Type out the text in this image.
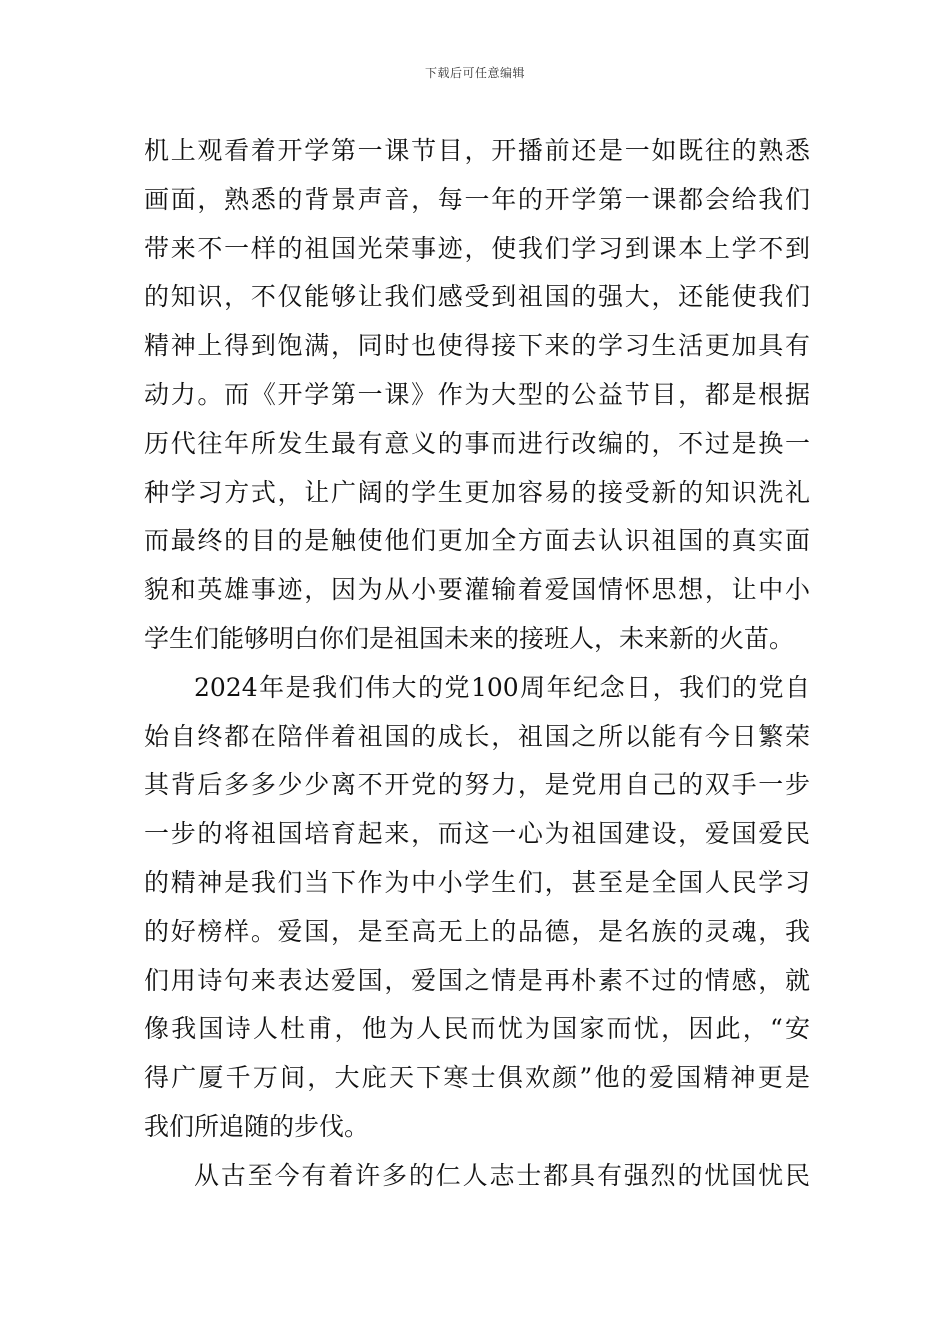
下载后可任意编辑
机上观看着开学第一课节目，开播前还是一如既往的熟悉
画面，熟悉的背景声音，每一年的开学第一课都会给我们
带来不一样的祖国光荣事迹，使我们学习到课本上学不到
的知识，不仅能够让我们感受到祖国的强大，还能使我们
精神上得到饱满，同时也使得接下来的学习生活更加具有
动力。而《开学第一课》作为大型的公益节目，都是根据
历代往年所发生最有意义的事而进行改编的，不过是换一
种学习方式，让广阔的学生更加容易的接受新的知识洗礼
而最终的目的是触使他们更加全方面去认识祖国的真实面
貌和英雄事迹，因为从小要灌输着爱国情怀思想，让中小
学生们能够明白你们是祖国未来的接班人，未来新的火苗。
2024年是我们伟大的党100周年纪念日，我们的党自
始自终都在陪伴着祖国的成长，祖国之所以能有今日繁荣
其背后多多少少离不开党的努力，是党用自己的双手一步
一步的将祖国培育起来，而这一心为祖国建设，爱国爱民
的精神是我们当下作为中小学生们，甚至是全国人民学习
的好榜样。爱国，是至高无上的品德，是名族的灵魂，我
们用诗句来表达爱国，爱国之情是再朴素不过的情感，就
像我国诗人杜甫，他为人民而忧为国家而忧，因此，“安
得广厦千万间，大庇天下寒士俱欢颜”他的爱国精神更是
我们所追随的步伐。
从古至今有着许多的仁人志士都具有强烈的忧国忧民
